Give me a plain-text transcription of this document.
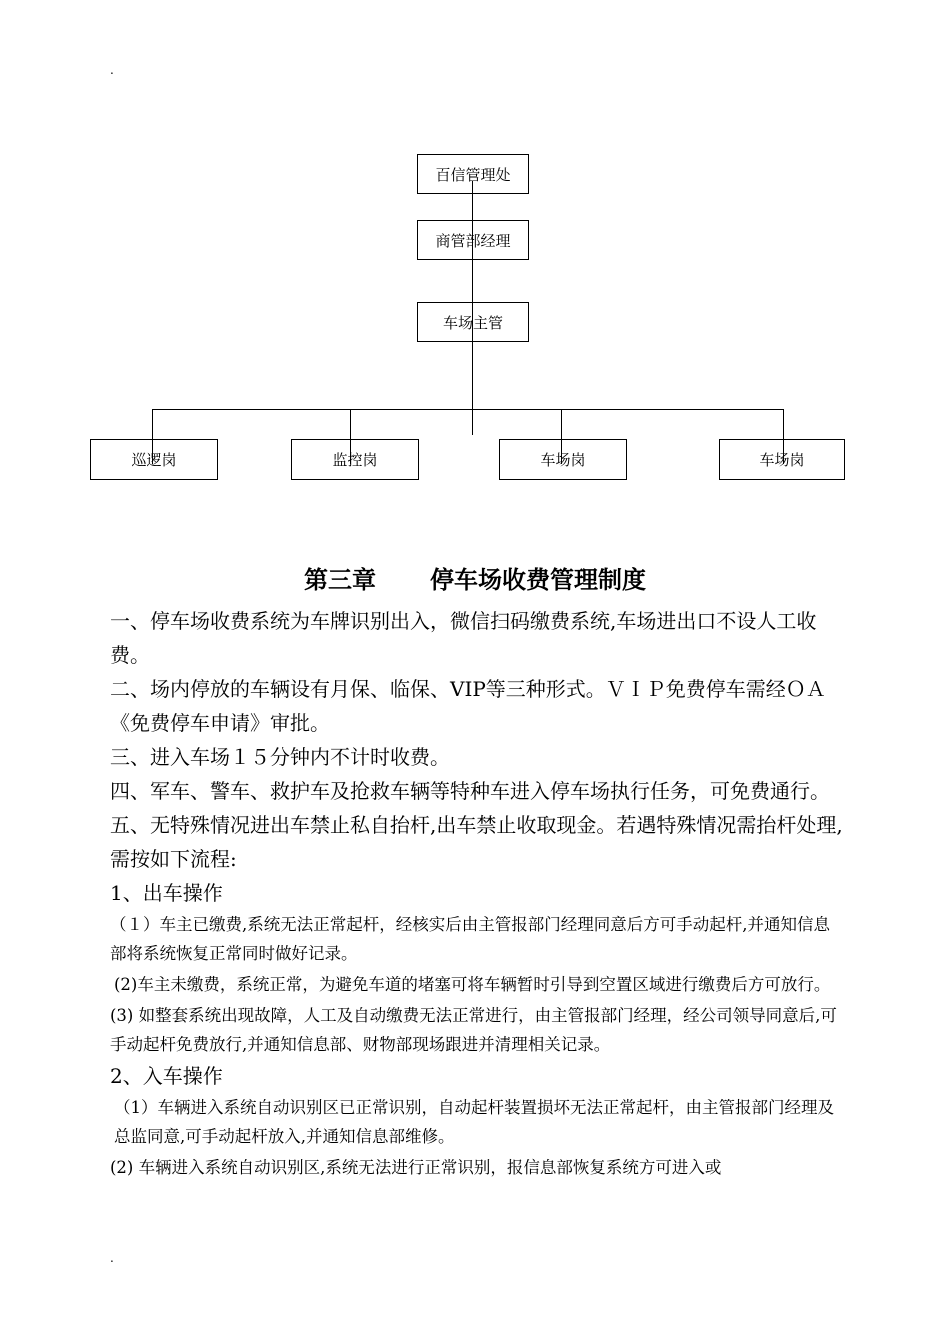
.
百信管理处
商管部经理
车场主管
巡逻岗	监控岗	车场岗	车场岗
第三章 停车场收费管理制度

一、停车场收费系统为车牌识别出入，微信扫码缴费系统,车场进出口不设人工收费。

二、场内停放的车辆设有月保、临保、VIP等三种形式。ＶＩＰ免费停车需经ＯＡ《免费停车申请》审批。

三、进入车场１５分钟内不计时收费。

四、军车、警车、救护车及抢救车辆等特种车进入停车场执行任务，可免费通行。

五、无特殊情况进出车禁止私自抬杆,出车禁止收取现金。若遇特殊情况需抬杆处理,需按如下流程:

1、出车操作

（１）车主已缴费,系统无法正常起杆，经核实后由主管报部门经理同意后方可手动起杆,并通知信息部将系统恢复正常同时做好记录。

(2)车主未缴费，系统正常，为避免车道的堵塞可将车辆暂时引导到空置区域进行缴费后方可放行。

(3) 如整套系统出现故障，人工及自动缴费无法正常进行，由主管报部门经理，经公司领导同意后,可手动起杆免费放行,并通知信息部、财物部现场跟进并清理相关记录。

2、入车操作

（1）车辆进入系统自动识别区已正常识别，自动起杆装置损坏无法正常起杆，由主管报部门经理及总监同意,可手动起杆放入,并通知信息部维修。

(2) 车辆进入系统自动识别区,系统无法进行正常识别，报信息部恢复系统方可进入或

.
